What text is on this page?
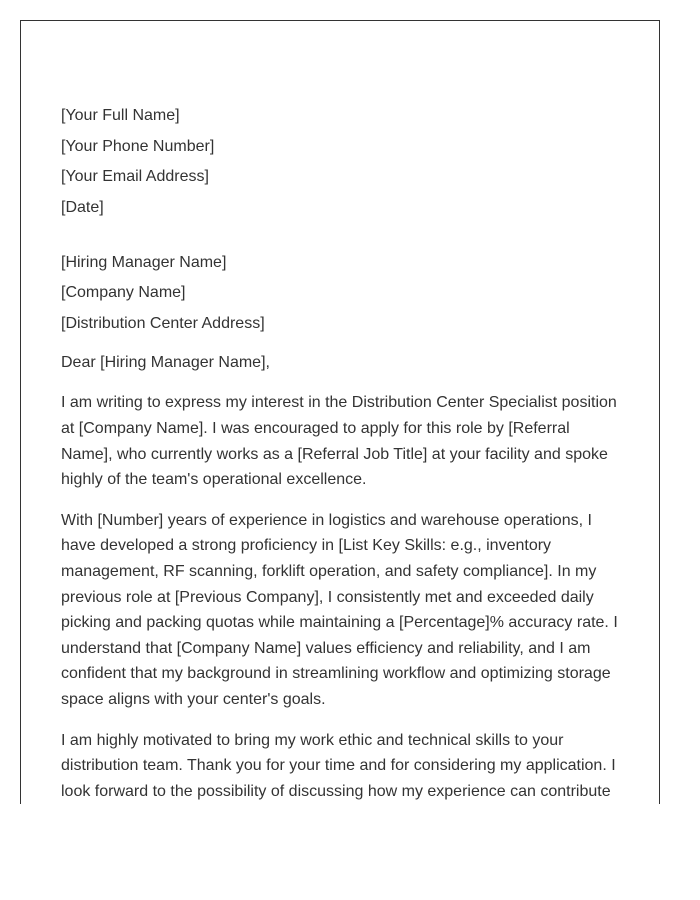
[Your Full Name]
[Your Phone Number]
[Your Email Address]
[Date]
[Hiring Manager Name]
[Company Name]
[Distribution Center Address]

Dear [Hiring Manager Name],

I am writing to express my interest in the Distribution Center Specialist position at [Company Name]. I was encouraged to apply for this role by [Referral Name], who currently works as a [Referral Job Title] at your facility and spoke highly of the team's operational excellence.

With [Number] years of experience in logistics and warehouse operations, I have developed a strong proficiency in [List Key Skills: e.g., inventory management, RF scanning, forklift operation, and safety compliance]. In my previous role at [Previous Company], I consistently met and exceeded daily picking and packing quotas while maintaining a [Percentage]% accuracy rate. I understand that [Company Name] values efficiency and reliability, and I am confident that my background in streamlining workflow and optimizing storage space aligns with your center's goals.

I am highly motivated to bring my work ethic and technical skills to your distribution team. Thank you for your time and for considering my application. I look forward to the possibility of discussing how my experience can contribute
